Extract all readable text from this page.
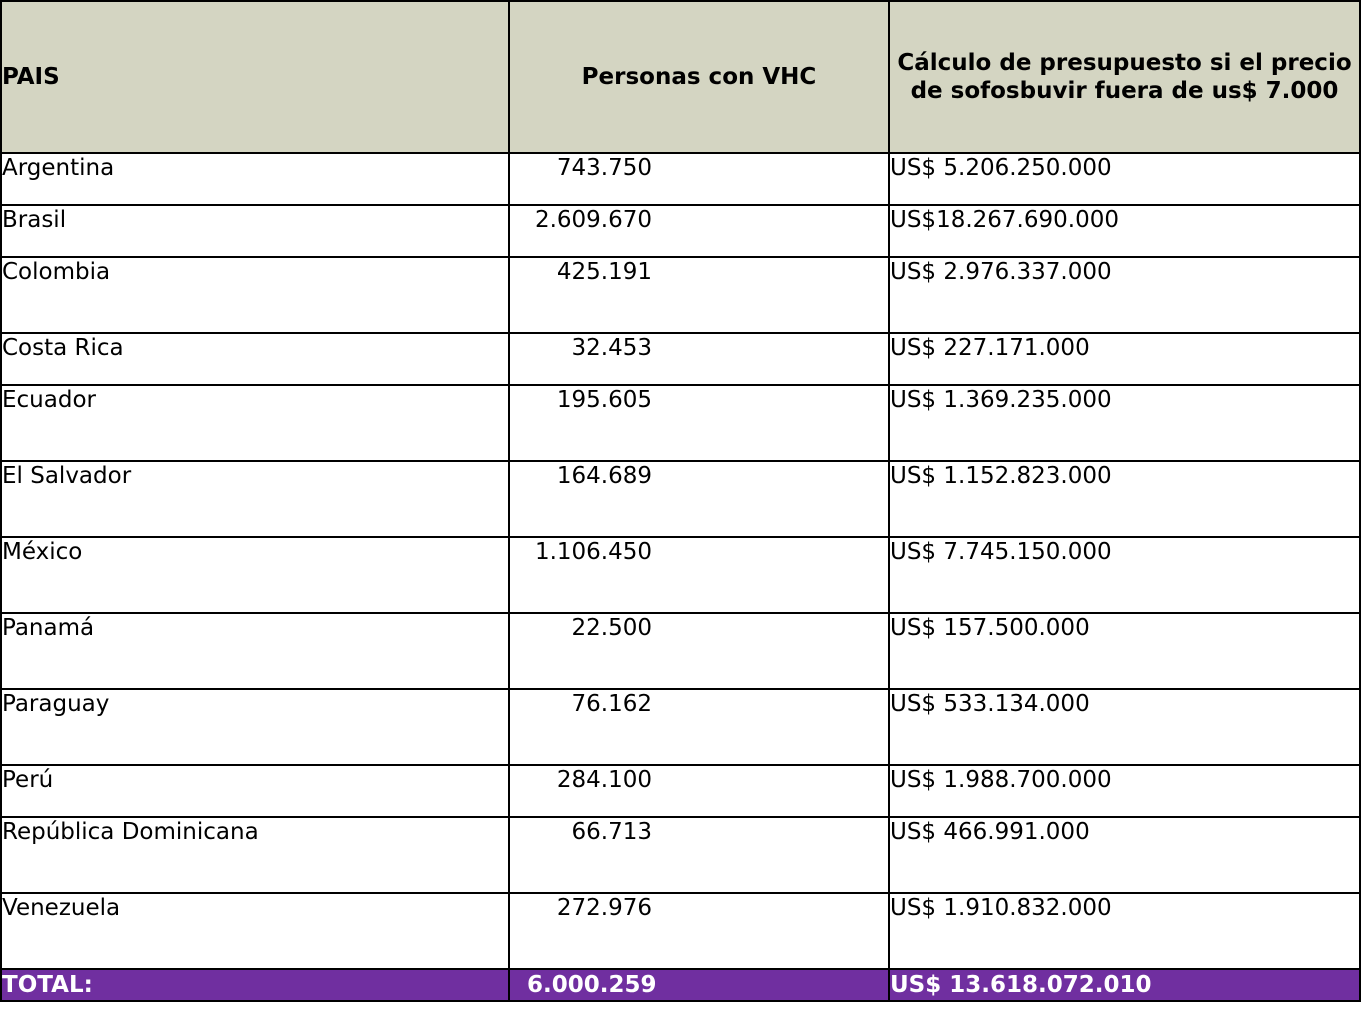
PAIS	Personas con VHC	Cálculo de presupuesto si el precio de sofosbuvir fuera de us$ 7.000
Argentina	743.750	US$ 5.206.250.000
Brasil	2.609.670	US$18.267.690.000
Colombia	425.191	US$ 2.976.337.000
Costa Rica	32.453	US$ 227.171.000
Ecuador	195.605	US$ 1.369.235.000
El Salvador	164.689	US$ 1.152.823.000
México	1.106.450	US$ 7.745.150.000
Panamá	22.500	US$ 157.500.000
Paraguay	76.162	US$ 533.134.000
Perú	284.100	US$ 1.988.700.000
República Dominicana	66.713	US$ 466.991.000
Venezuela	272.976	US$ 1.910.832.000
TOTAL:	6.000.259	US$ 13.618.072.010
